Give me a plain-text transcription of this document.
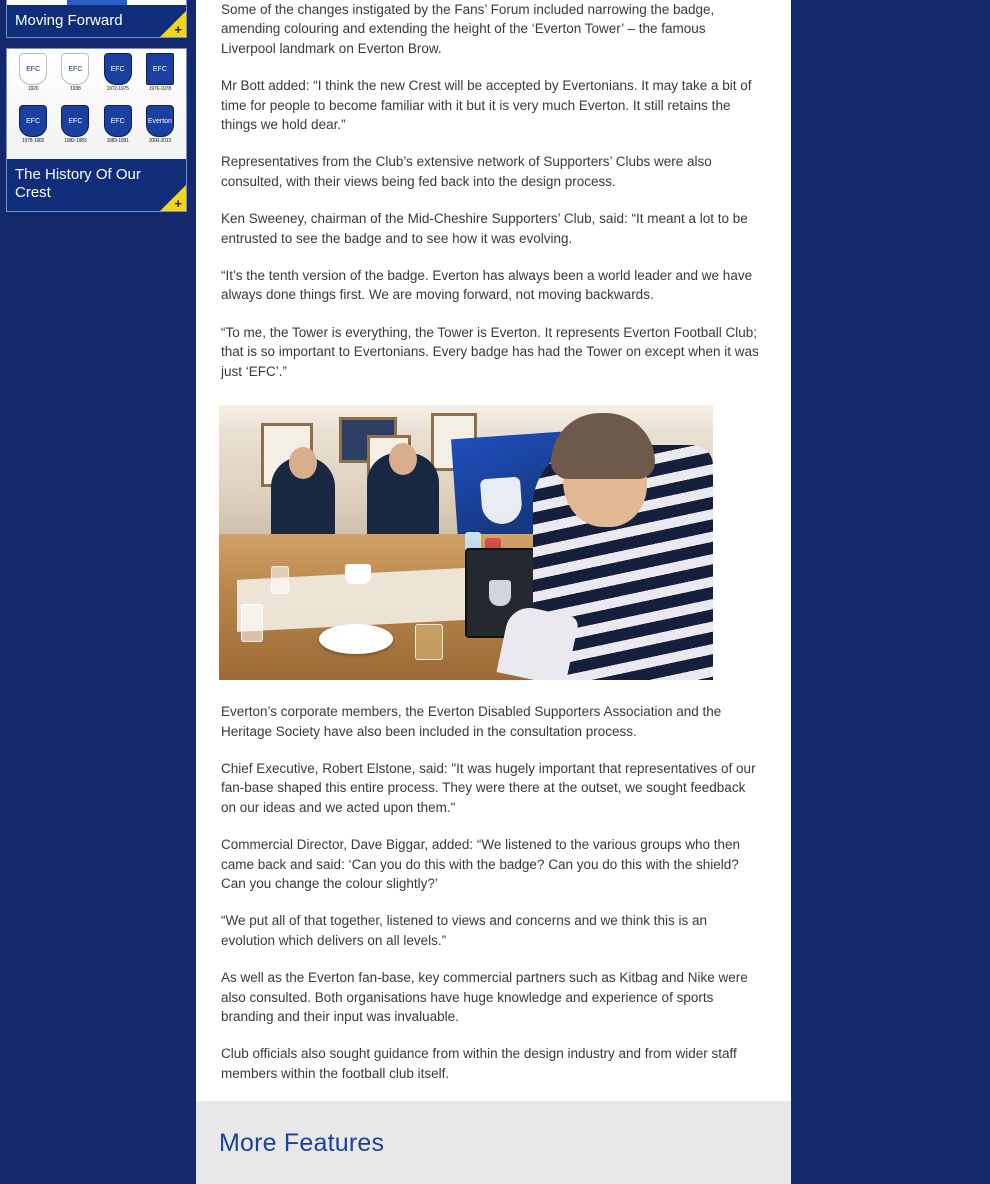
Moving Forward
+
EFC
1920
EFC
1938
EFC
1972-1975
EFC
1976-1978
EFC
1978-1982
EFC
1982-1983
EFC
1983-1991
Everton
2000-2013
The History Of Our Crest
+

Some of the changes instigated by the Fans’ Forum included narrowing the badge, amending colouring and extending the height of the ‘Everton Tower’ – the famous Liverpool landmark on Everton Brow.

Mr Bott added: “I think the new Crest will be accepted by Evertonians. It may take a bit of time for people to become familiar with it but it is very much Everton. It still retains the things we hold dear.”

Representatives from the Club’s extensive network of Supporters’ Clubs were also consulted, with their views being fed back into the design process.

Ken Sweeney, chairman of the Mid-Cheshire Supporters’ Club, said: “It meant a lot to be entrusted to see the badge and to see how it was evolving.

“It’s the tenth version of the badge. Everton has always been a world leader and we have always done things first. We are moving forward, not moving backwards.

“To me, the Tower is everything, the Tower is Everton. It represents Everton Football Club; that is so important to Evertonians. Every badge has had the Tower on except when it was just ‘EFC’.”

Everton’s corporate members, the Everton Disabled Supporters Association and the Heritage Society have also been included in the consultation process.

Chief Executive, Robert Elstone, said: "It was hugely important that representatives of our fan-base shaped this entire process. They were there at the outset, we sought feedback on our ideas and we acted upon them."

Commercial Director, Dave Biggar, added: “We listened to the various groups who then came back and said: ‘Can you do this with the badge? Can you do this with the shield? Can you change the colour slightly?’

“We put all of that together, listened to views and concerns and we think this is an evolution which delivers on all levels.”

As well as the Everton fan-base, key commercial partners such as Kitbag and Nike were also consulted. Both organisations have huge knowledge and experience of sports branding and their input was invaluable.

Club officials also sought guidance from within the design industry and from wider staff members within the football club itself.

More Features
